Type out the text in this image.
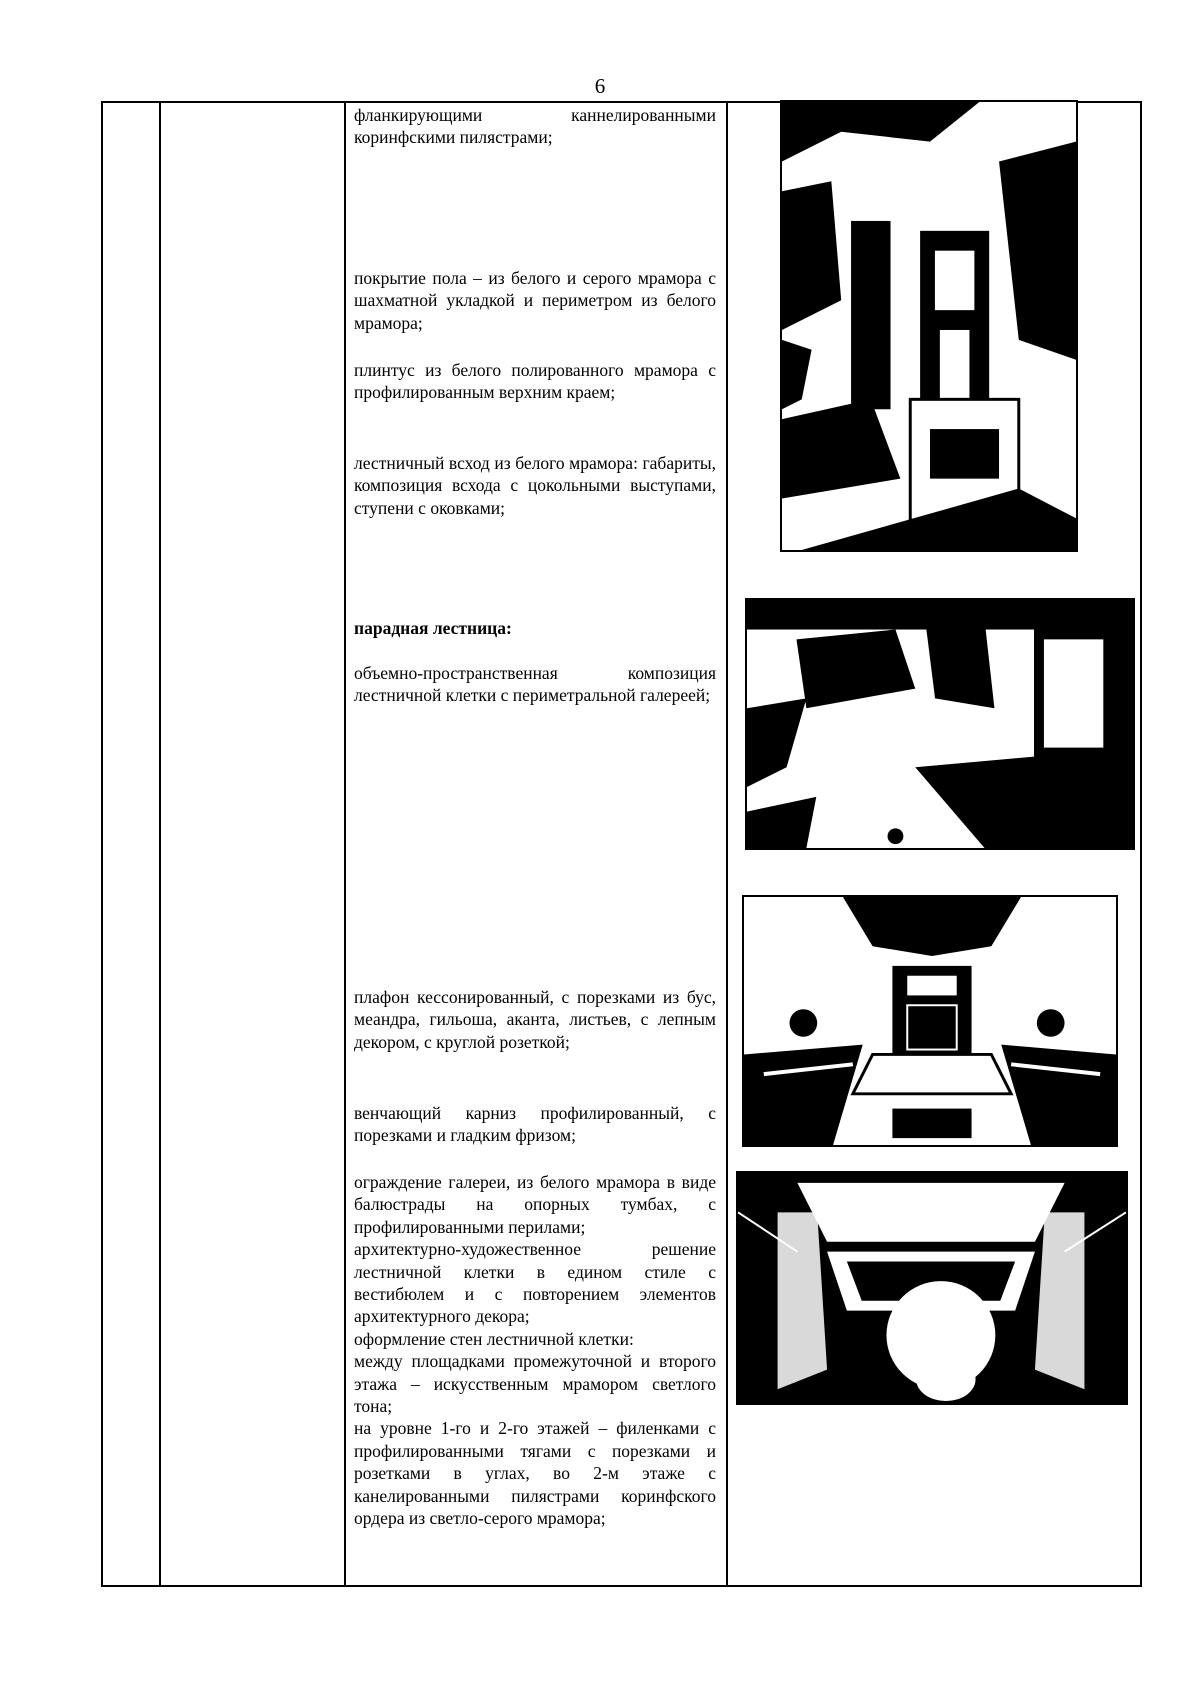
6

фланкирующими каннелированными коринфскими пилястрами;

покрытие пола – из белого и серого мрамора с шахматной укладкой и периметром из белого мрамора;

плинтус из белого полированного мрамора с профилированным верхним краем;

лестничный всход из белого мрамора: габариты, композиция всхода с цокольными выступами, ступени с оковками;

парадная лестница:

объемно-пространственная композиция лестничной клетки с периметральной галереей;

плафон кессонированный, с порезками из бус, меандра, гильоша, аканта, листьев, с лепным декором, с круглой розеткой;

венчающий карниз профилированный, с порезками и гладким фризом;

ограждение галереи, из белого мрамора в виде балюстрады на опорных тумбах, с профилированными перилами;

архитектурно-художественное решение лестничной клетки в едином стиле с вестибюлем и с повторением элементов архитектурного декора;

оформление стен лестничной клетки:

между площадками промежуточной и второго этажа – искусственным мрамором светлого тона;

на уровне 1-го и 2-го этажей – филенками с профилированными тягами с порезками и розетками в углах, во 2-м этаже с канелированными пилястрами коринфского ордера из светло-серого мрамора;
